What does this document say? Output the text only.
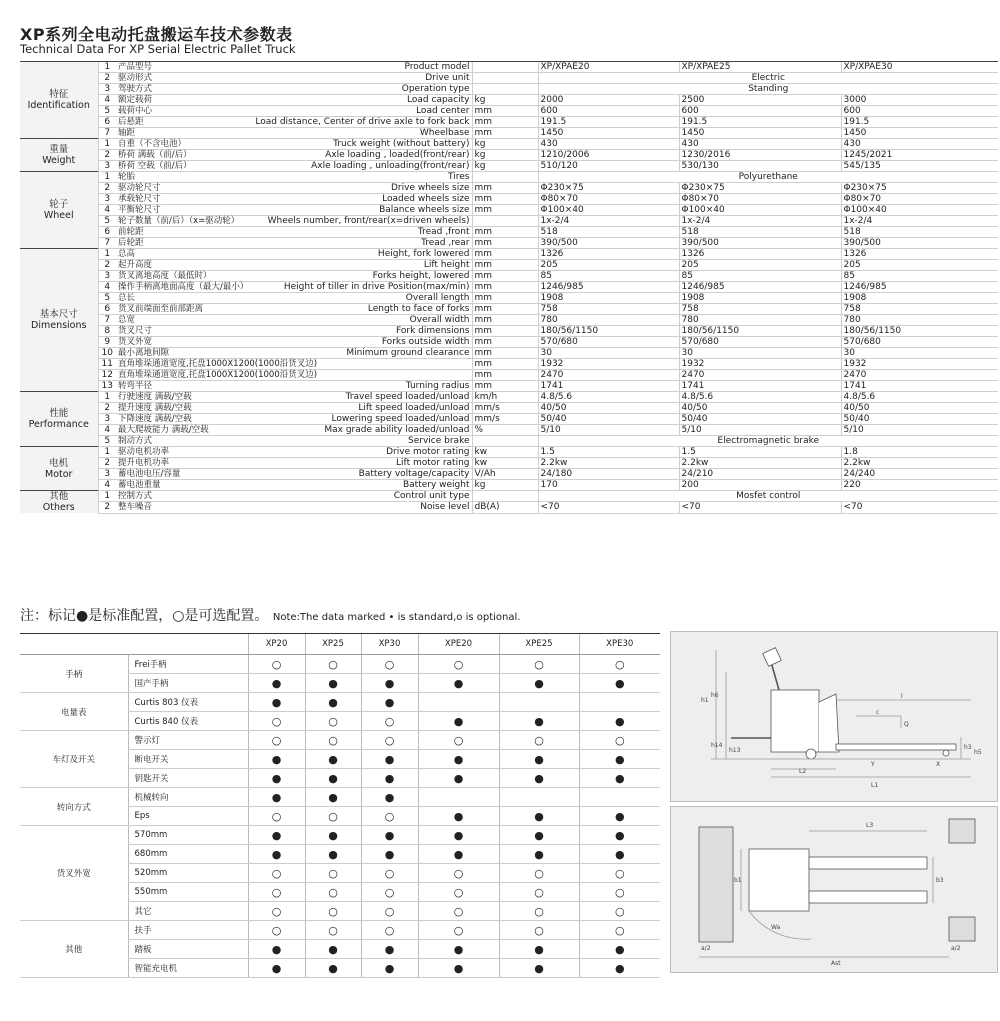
XP系列全电动托盘搬运车技术参数表
Technical Data For XP Serial Electric Pallet Truck
特征
Identification	1	产品型号	Product model		XP/XPAE20	XP/XPAE25	XP/XPAE30
	2	驱动形式	Drive unit		Electric		
	3	驾驶方式	Operation type		Standing		
	4	额定载荷	Load capacity	kg	2000	2500	3000
	5	载荷中心	Load center	mm	600	600	600
	6	后悬距	Load distance, Center of drive axle to fork back	mm	191.5	191.5	191.5
	7	轴距	Wheelbase	mm	1450	1450	1450

重量
Weight	1	自重（不含电池）	Truck weight (without battery)	kg	430	430	430
	2	桥荷 满载（前/后）	Axle loading , loaded(front/rear)	kg	1210/2006	1230/2016	1245/2021
	3	桥荷 空载（前/后）	Axle loading , unloading(front/rear)	kg	510/120	530/130	545/135

轮子
Wheel	1	轮胎	Tires		Polyurethane		
	2	驱动轮尺寸	Drive wheels size	mm	Φ230×75	Φ230×75	Φ230×75
	3	承载轮尺寸	Loaded wheels size	mm	Φ80×70	Φ80×70	Φ80×70
	4	平衡轮尺寸	Balance wheels size	mm	Φ100×40	Φ100×40	Φ100×40
	5	轮子数量（前/后）（x=驱动轮）	Wheels number, front/rear(x=driven wheels)		1x-2/4	1x-2/4	1x-2/4
	6	前轮距	Tread ,front	mm	518	518	518
	7	后轮距	Tread ,rear	mm	390/500	390/500	390/500

基本尺寸
Dimensions	1	总高	Height, fork lowered	mm	1326	1326	1326
	2	起升高度	Lift height	mm	205	205	205
	3	货叉离地高度（最低时）	Forks height, lowered	mm	85	85	85
	4	操作手柄离地面高度（最大/最小）	Height of tiller in drive Position(max/min)	mm	1246/985	1246/985	1246/985
	5	总长	Overall length	mm	1908	1908	1908
	6	货叉前端面至前部距离	Length to face of forks	mm	758	758	758
	7	总宽	Overall width	mm	780	780	780
	8	货叉尺寸	Fork dimensions	mm	180/56/1150	180/56/1150	180/56/1150
	9	货叉外宽	Forks outside width	mm	570/680	570/680	570/680
	10	最小离地间隙	Minimum ground clearance	mm	30	30	30
	11	直角堆垛通道宽度,托盘1000X1200(1000沿货叉边)		mm	1932	1932	1932
	12	直角堆垛通道宽度,托盘1000X1200(1000沿货叉边)		mm	2470	2470	2470
	13	转弯半径	Turning radius	mm	1741	1741	1741

性能
Performance	1	行驶速度 满载/空载	Travel speed loaded/unload	km/h	4.8/5.6	4.8/5.6	4.8/5.6
	2	提升速度 满载/空载	Lift speed loaded/unload	mm/s	40/50	40/50	40/50
	3	下降速度 满载/空载	Lowering speed loaded/unload	mm/s	50/40	50/40	50/40
	4	最大爬坡能力 满载/空载	Max grade ability loaded/unload	%	5/10	5/10	5/10
	5	制动方式	Service brake		Electromagnetic brake		

电机
Motor	1	驱动电机功率	Drive motor rating	kw	1.5	1.5	1.8
	2	提升电机功率	Lift motor rating	kw	2.2kw	2.2kw	2.2kw
	3	蓄电池电压/容量	Battery voltage/capacity	V/Ah	24/180	24/210	24/240
	4	蓄电池重量	Battery weight	kg	170	200	220

其他
Others	1	控制方式	Control unit type		Mosfet control		
	2	整车噪音	Noise level	dB(A)	<70	<70	<70
注：标记●是标准配置，○是可选配置。 Note:The data marked • is standard,o is optional.
		XP20	XP25	XP30	XPE20	XPE25	XPE30
手柄	Frei手柄	○	○	○	○	○	○
	国产手柄	●	●	●	●	●	●
电量表	Curtis 803 仪表	●	●	●			
	Curtis 840 仪表	○	○	○	●	●	●
车灯及开关	警示灯	○	○	○	○	○	○
	断电开关	●	●	●	●	●	●
	钥匙开关	●	●	●	●	●	●
转向方式	机械转向	●	●	●			
	Eps	○	○	○	●	●	●
货叉外宽	570mm	●	●	●	●	●	●
	680mm	●	●	●	●	●	●
	520mm	○	○	○	○	○	○
	550mm	○	○	○	○	○	○
	其它	○	○	○	○	○	○
其他	扶手	○	○	○	○	○	○
	踏板	●	●	●	●	●	●
	智能充电机	●	●	●	●	●	●
h1
h6
h14
h13
l
c
Q
L2
L1
Y	X
h3
h5
L3
b1	b3
Wa
a/2
Ast
a/2
